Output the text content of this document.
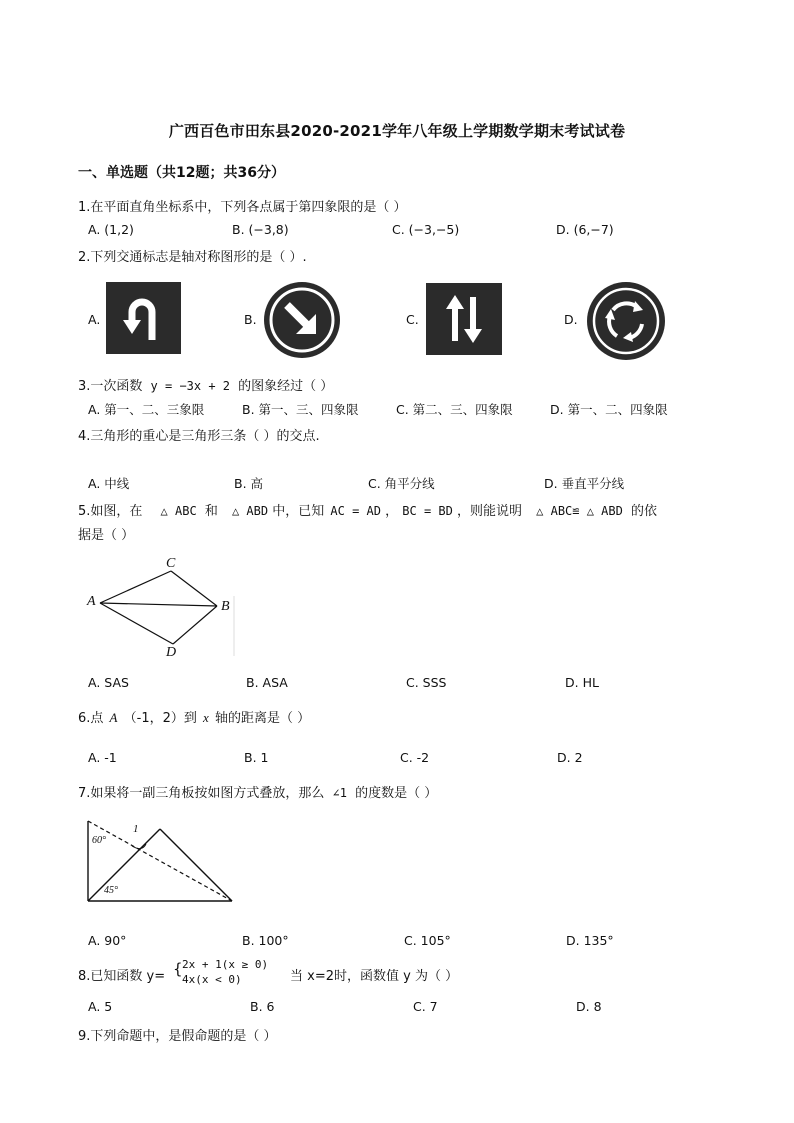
广西百色市田东县2020-2021学年八年级上学期数学期末考试试卷
一、单选题（共12题；共36分）
1.在平面直角坐标系中，下列各点属于第四象限的是（ ）
A. (1,2)	B. (−3,8)	C. (−3,−5)	D. (6,−7)
2.下列交通标志是轴对称图形的是（ ）.
A.	B.	C.	D.
3.一次函数 y = −3x + 2 的图象经过（ ）
A. 第一、二、三象限	B. 第一、三、四象限	C. 第二、三、四象限	D. 第一、二、四象限
4.三角形的重心是三角形三条（ ）的交点.
A. 中线	B. 高	C. 角平分线	D. 垂直平分线
5.如图，在 △ ABC 和 △ ABD 中，已知 AC = AD ， BC = BD ，则能说明 △ ABC≌ △ ABD 的依
据是（ ）
A	B
C
D
A. SAS	B. ASA	C. SSS	D. HL
6.点 A （-1，2）到 x 轴的距离是（ ）
A. -1	B. 1	C. -2	D. 2
7.如果将一副三角板按如图方式叠放，那么 ∠1 的度数是（ ）
1
60°
45°
A. 90°	B. 100°	C. 105°	D. 135°
8.已知函数 y= { 2x + 1(x ≥ 0)
4x(x < 0)	当 x=2时，函数值 y 为（ ）
A. 5	B. 6	C. 7	D. 8
9.下列命题中，是假命题的是（ ）
